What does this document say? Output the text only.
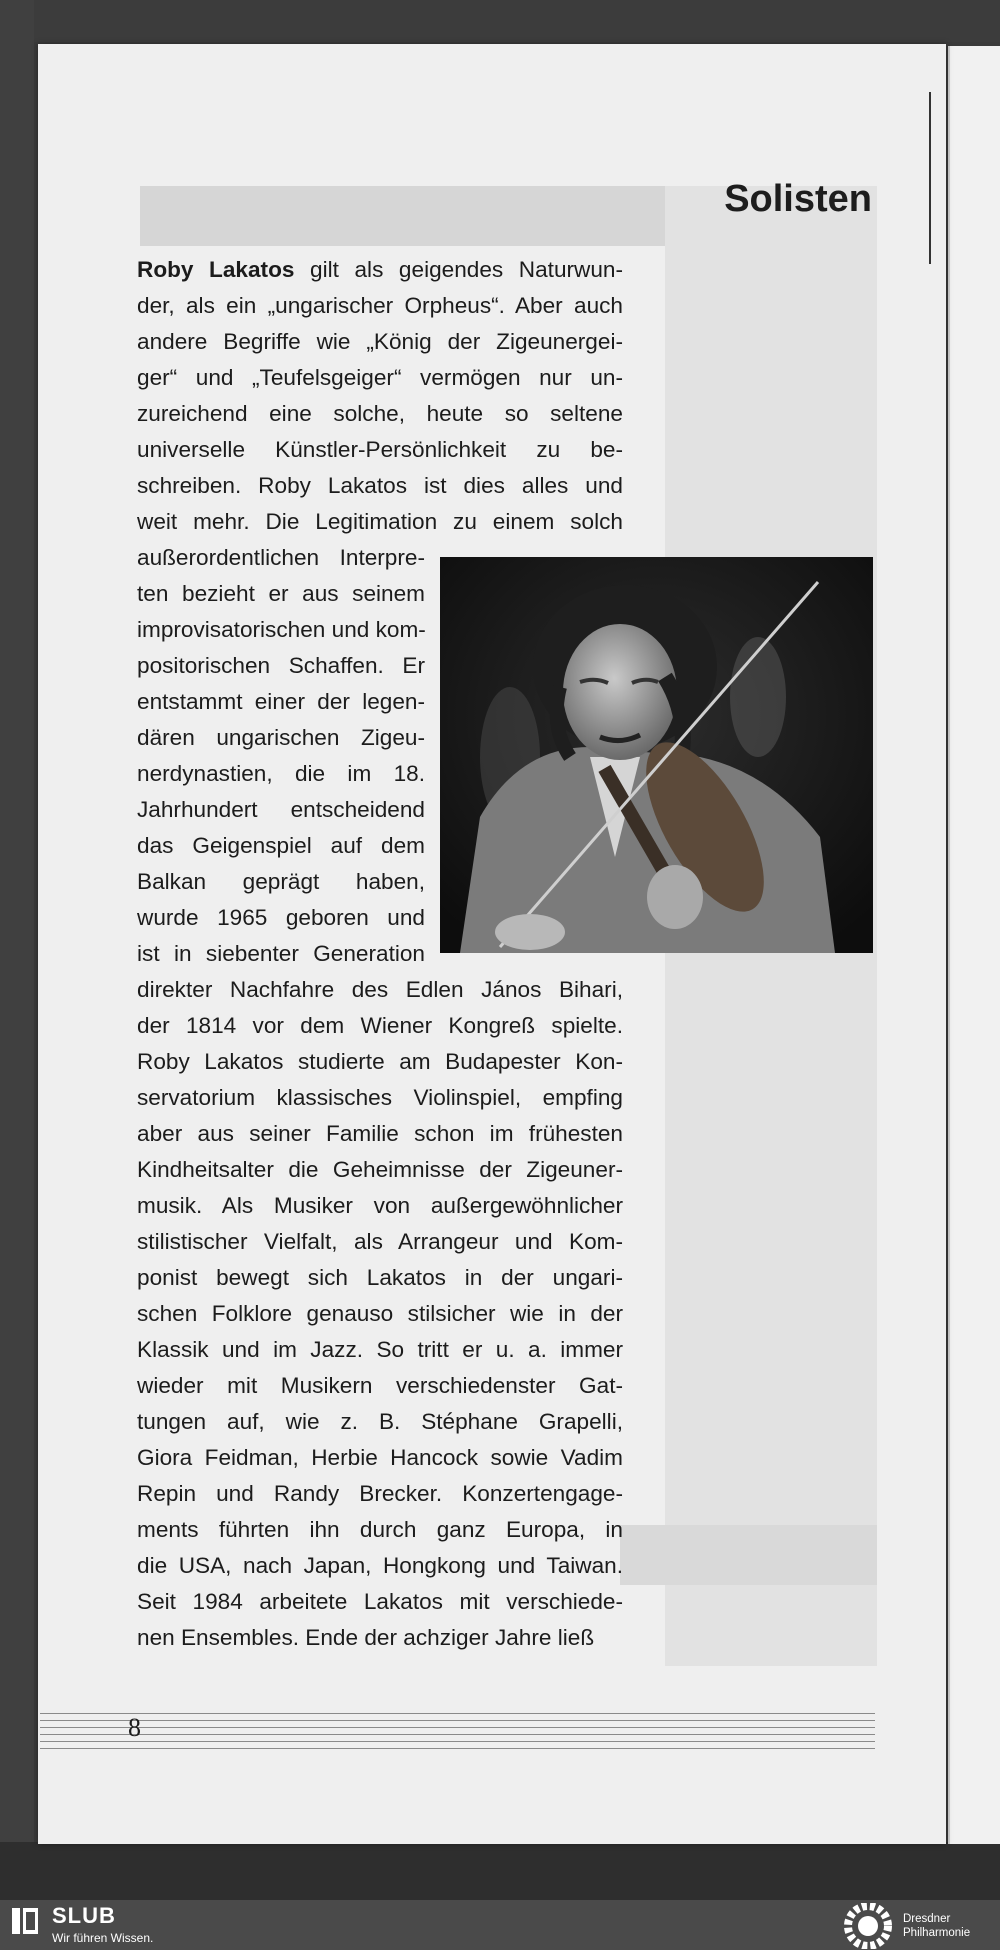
Solisten
Roby Lakatos gilt als geigendes Naturwun-
der, als ein „ungarischer Orpheus“. Aber auch
andere Begriffe wie „König der Zigeunergei-
ger“ und „Teufelsgeiger“ vermögen nur un-
zureichend eine solche, heute so seltene
universelle Künstler-Persönlichkeit zu be-
schreiben. Roby Lakatos ist dies alles und
weit mehr. Die Legitimation zu einem solch
außerordentlichen Interpre-
ten bezieht er aus seinem
improvisatorischen und kom-
positorischen Schaffen. Er
entstammt einer der legen-
dären ungarischen Zigeu-
nerdynastien, die im 18.
Jahrhundert entscheidend
das Geigenspiel auf dem
Balkan geprägt haben,
wurde 1965 geboren und
ist in siebenter Generation
direkter Nachfahre des Edlen János Bihari,
der 1814 vor dem Wiener Kongreß spielte.
Roby Lakatos studierte am Budapester Kon-
servatorium klassisches Violinspiel, empfing
aber aus seiner Familie schon im frühesten
Kindheitsalter die Geheimnisse der Zigeuner-
musik. Als Musiker von außergewöhnlicher
stilistischer Vielfalt, als Arrangeur und Kom-
ponist bewegt sich Lakatos in der ungari-
schen Folklore genauso stilsicher wie in der
Klassik und im Jazz. So tritt er u. a. immer
wieder mit Musikern verschiedenster Gat-
tungen auf, wie z. B. Stéphane Grapelli,
Giora Feidman, Herbie Hancock sowie Vadim
Repin und Randy Brecker. Konzertengage-
ments führten ihn durch ganz Europa, in
die USA, nach Japan, Hongkong und Taiwan.
Seit 1984 arbeitete Lakatos mit verschiede-
nen Ensembles. Ende der achziger Jahre ließ
8
SLUB
Wir führen Wissen.
Dresdner
Philharmonie
